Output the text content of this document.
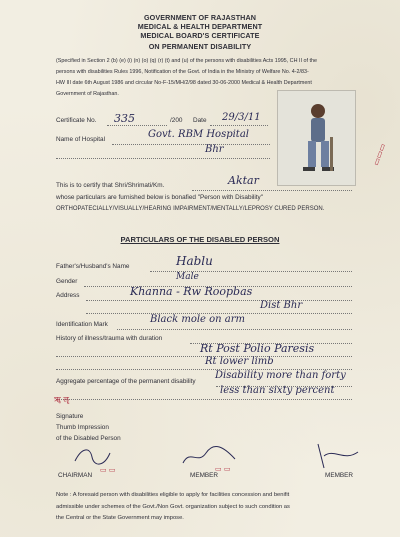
GOVERNMENT OF RAJASTHAN
MEDICAL & HEALTH DEPARTMENT
MEDICAL BOARD'S CERTIFICATE
ON PERMANENT DISABILITY
(Specified in Section 2 (b) (e) (i) (n) (o) (q) (r) (t) and (u) of the persons with disabilities Acts 1995, CH II of the
persons with disabilities Rules 1996, Notification of the Govt. of India in the Ministry of Welfare No. 4-2/83-
HW III date 6th August 1986 and circular No-F-15/MH/2/98 dated 30-06-2000 Medical & Health Department
Government of Rajasthan.
Certificate No. 335	/200 Date 29/3/11
Name of Hospital	Govt. RBM Hospital
Bhr
This is to certify that Shri/Shrimati/Km.	Aktar
whose particulars are furnished below is bonafied "Person with Disability"
ORTHOPATECIALLY/VISUALLY/HEARING IMPAIRMENT/MENTALLY/LEPROSY CURED PERSON.
PARTICULARS OF THE DISABLED PERSON
Father's/Husband's Name	Hablu
Gender	Male
Address	Khanna - Rw Roopbas
Dist Bhr
Identification Mark	Black mole on arm
History of illness/trauma with duration
Rt Post Polio Paresis
Rt lower limb
Aggregate percentage of the permanent disability
Disability more than forty
less than sixty percent
ॠ ॡ
Signature
Thumb Impression
of the Disabled Person
▭ ▭	▭ ▭
CHAIRMAN	MEMBER	MEMBER
Note : A foresaid person with disabilities eligible to apply for facilities concession and benifit
admissible under schemes of the Govt./Non Govt. organization subject to such condition as
the Central or the State Government may impose.
▭▭▭
